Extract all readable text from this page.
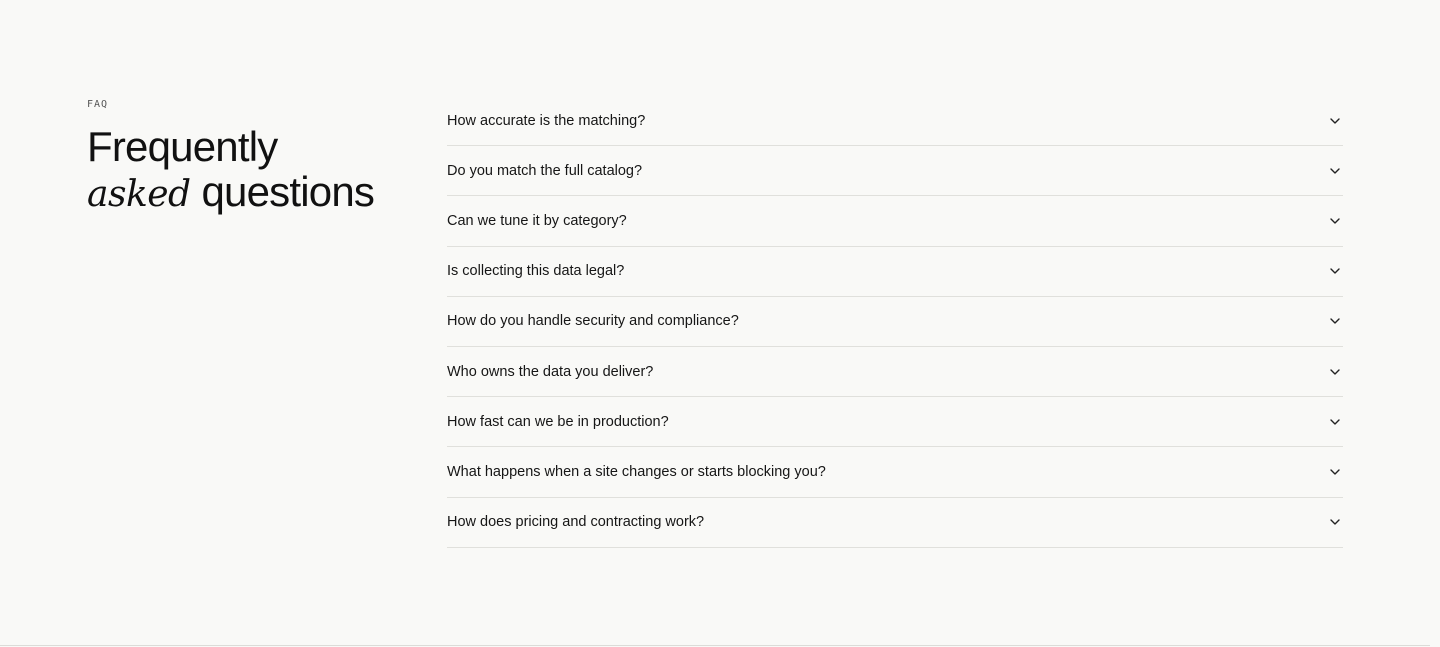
FAQ
Frequently
asked questions
How accurate is the matching?
Do you match the full catalog?
Can we tune it by category?
Is collecting this data legal?
How do you handle security and compliance?
Who owns the data you deliver?
How fast can we be in production?
What happens when a site changes or starts blocking you?
How does pricing and contracting work?
